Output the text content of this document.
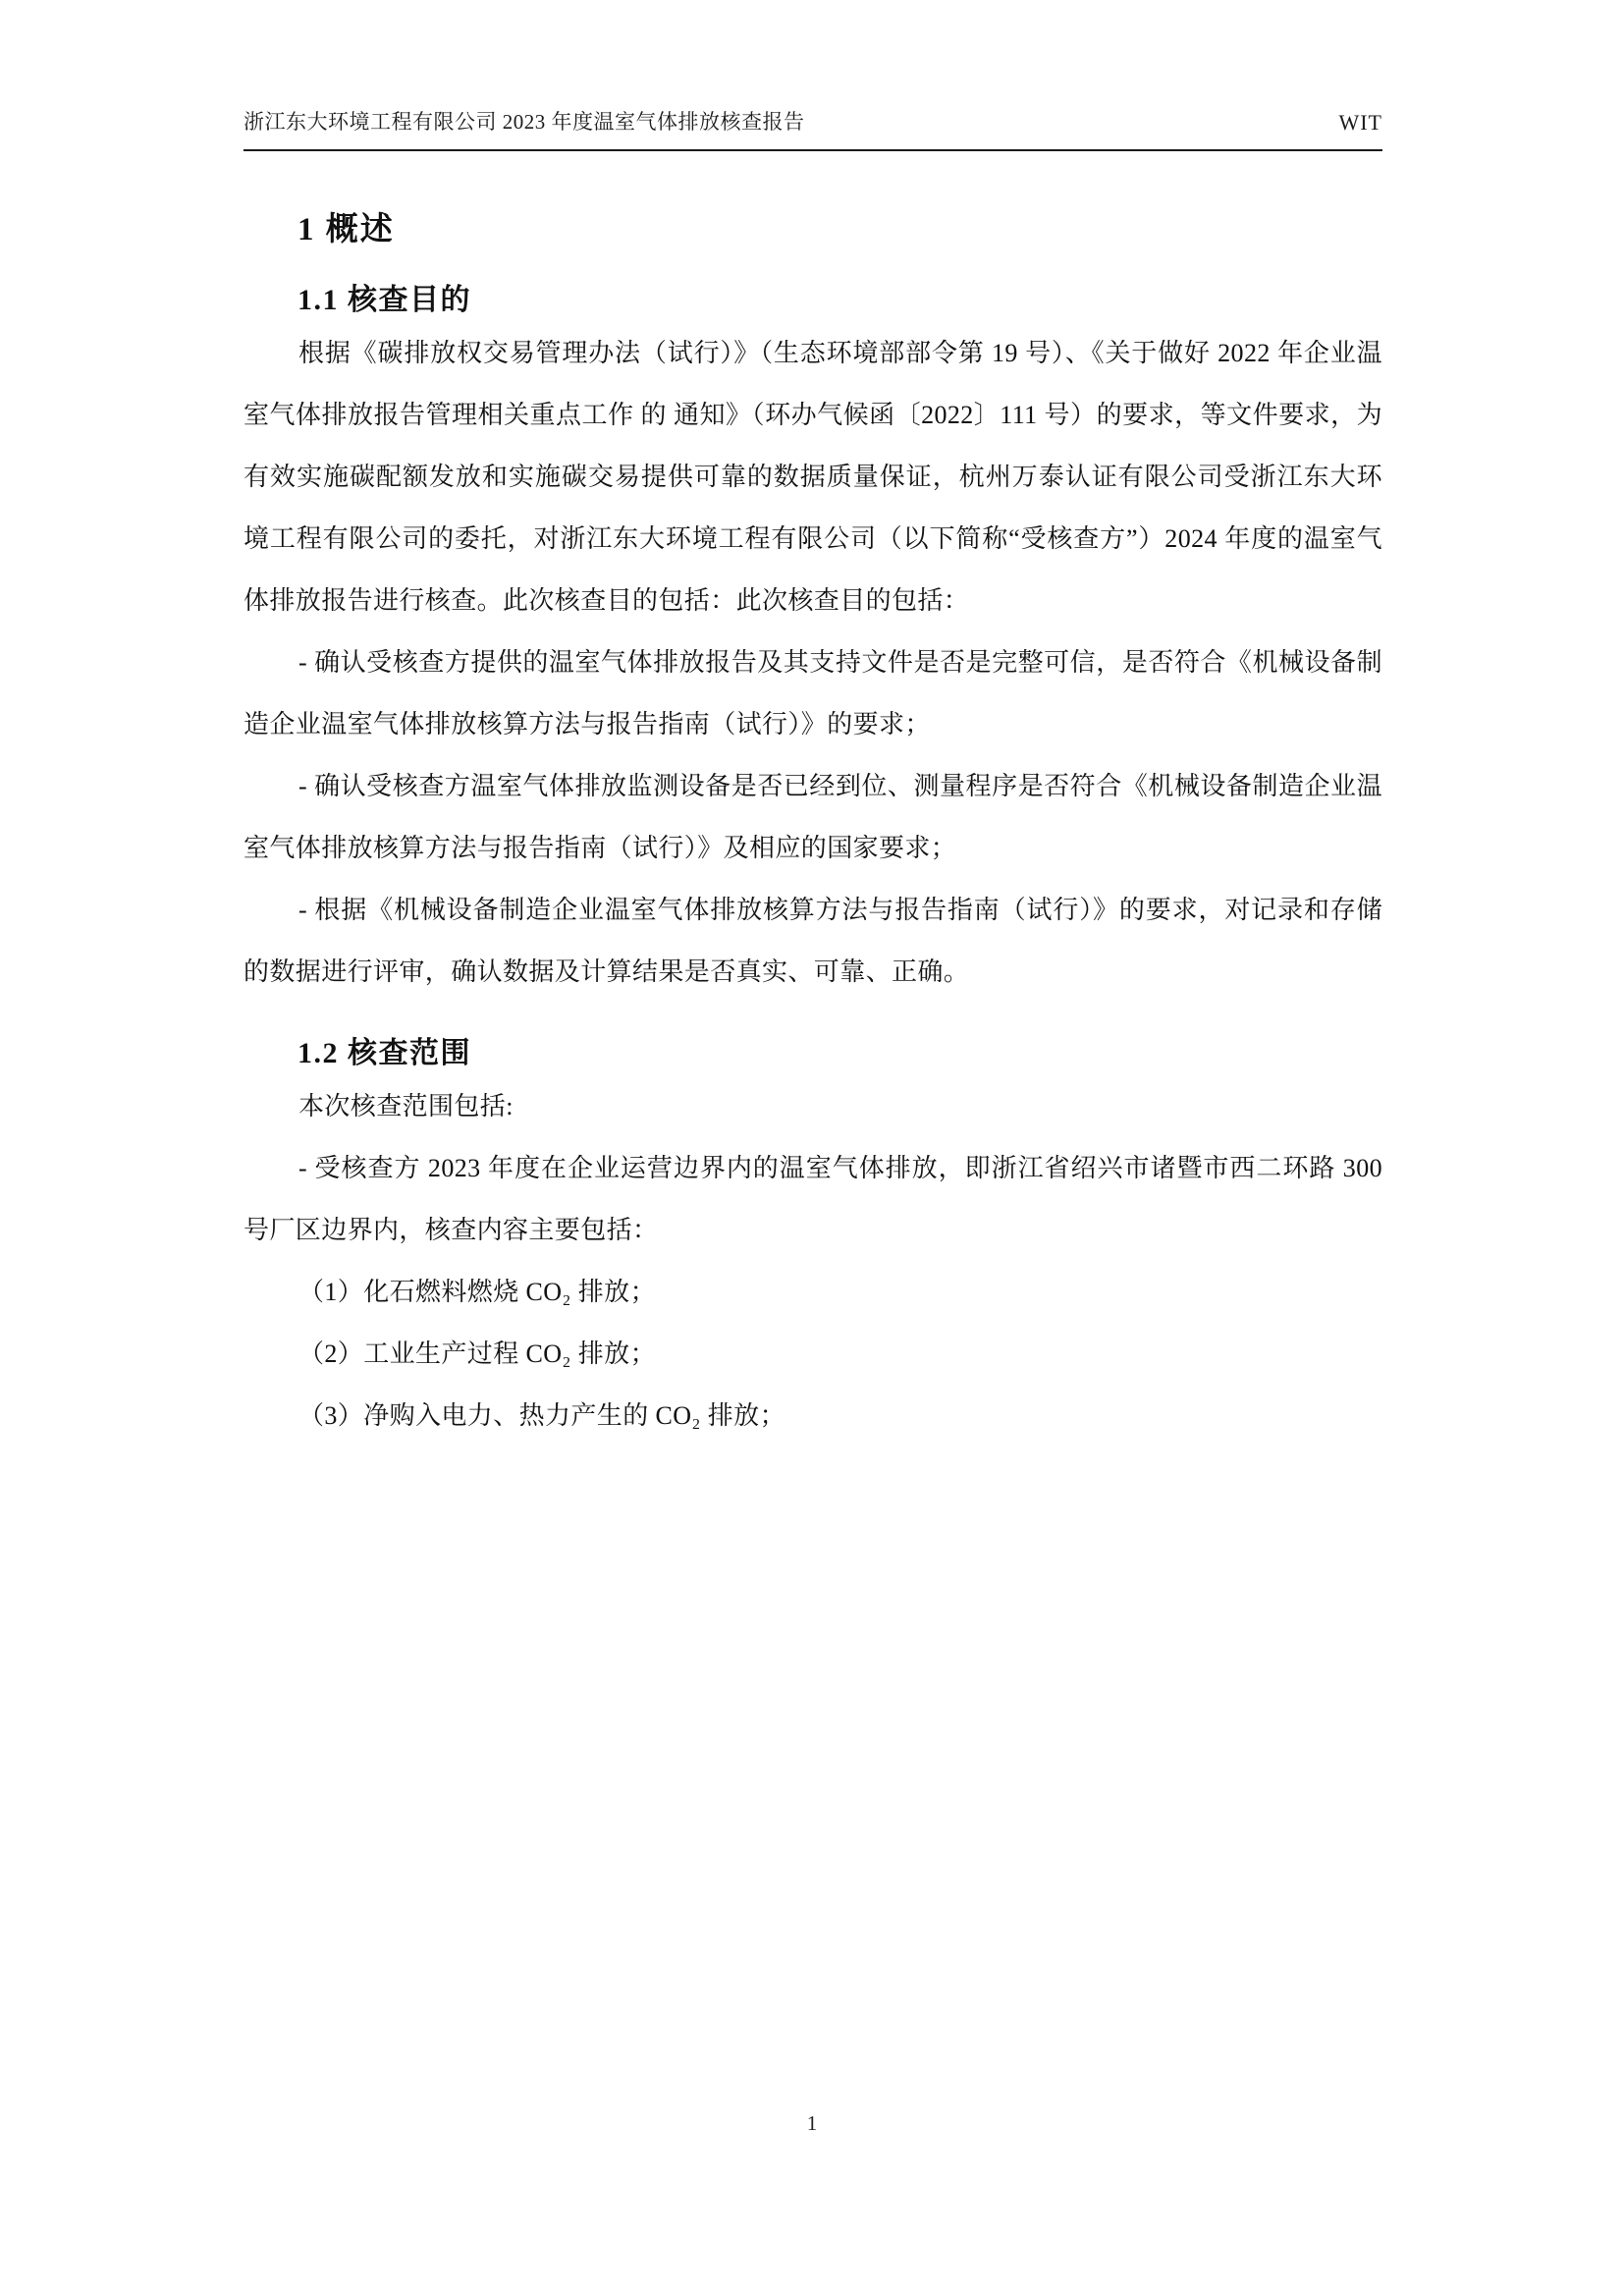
浙江东大环境工程有限公司 2023 年度温室气体排放核查报告	WIT
1 概述
1.1 核查目的

根据《碳排放权交易管理办法（试行）》（生态环境部部令第 19 号）、《关于做好 2022 年企业温室气体排放报告管理相关重点工作 的 通知》（环办气候函〔2022〕111 号）的要求，等文件要求，为有效实施碳配额发放和实施碳交易提供可靠的数据质量保证，杭州万泰认证有限公司受浙江东大环境工程有限公司的委托，对浙江东大环境工程有限公司（以下简称“受核查方”）2024 年度的温室气体排放报告进行核查。此次核查目的包括：此次核查目的包括：

- 确认受核查方提供的温室气体排放报告及其支持文件是否是完整可信，是否符合《机械设备制造企业温室气体排放核算方法与报告指南（试行）》的要求；

- 确认受核查方温室气体排放监测设备是否已经到位、测量程序是否符合《机械设备制造企业温室气体排放核算方法与报告指南（试行）》及相应的国家要求；

- 根据《机械设备制造企业温室气体排放核算方法与报告指南（试行）》的要求，对记录和存储的数据进行评审，确认数据及计算结果是否真实、可靠、正确。

1.2 核查范围

本次核查范围包括:

- 受核查方 2023 年度在企业运营边界内的温室气体排放，即浙江省绍兴市诸暨市西二环路 300 号厂区边界内，核查内容主要包括：

（1）化石燃料燃烧 CO₂ 排放；

（2）工业生产过程 CO₂ 排放；

（3）净购入电力、热力产生的 CO₂ 排放；

1
